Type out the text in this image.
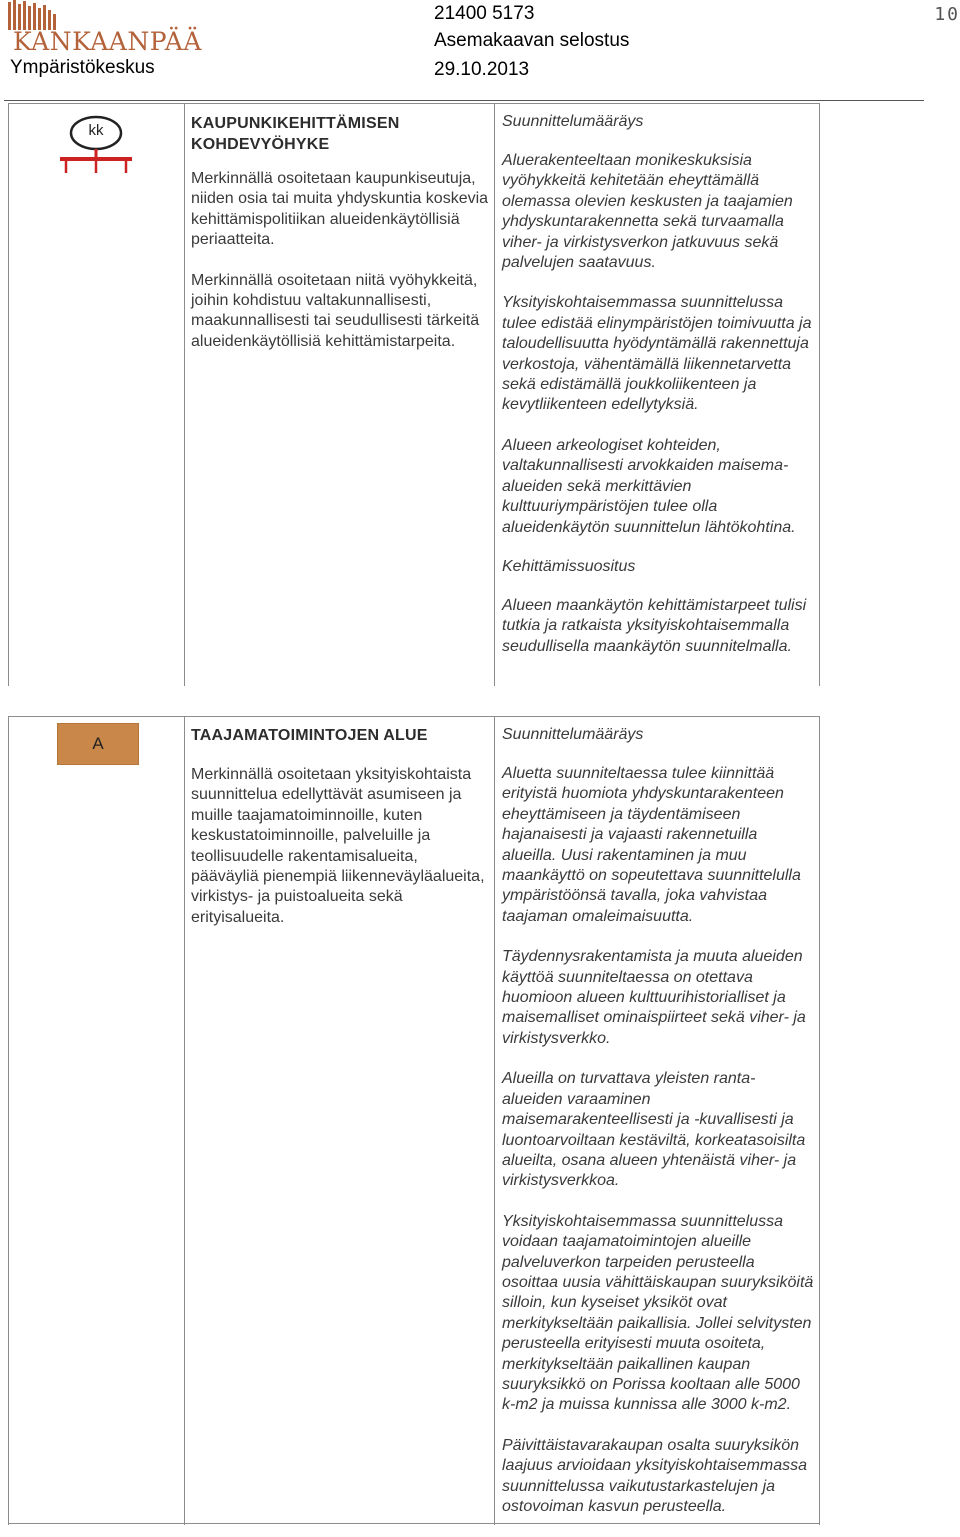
KANKAANPÄÄ
Ympäristökeskus
21400 5173
Asemakaavan selostus
29.10.2013
10
kk	KAUPUNKIKEHITTÄMISEN
KOHDEVYÖHYKE

Merkinnällä osoitetaan kaupunkiseutuja, niiden osia tai muita yhdyskuntia koskevia kehittämispolitiikan alueidenkäytöllisiä periaatteita.

Merkinnällä osoitetaan niitä vyöhykkeitä, joihin kohdistuu valtakunnallisesti, maakunnallisesti tai seudullisesti tärkeitä alueidenkäytöllisiä kehittämistarpeita.

Suunnittelumääräys

Aluerakenteeltaan monikeskuksisia vyöhykkeitä kehitetään eheyttämällä olemassa olevien keskusten ja taajamien yhdyskuntarakennetta sekä turvaamalla viher- ja virkistysverkon jatkuvuus sekä palvelujen saatavuus.

Yksityiskohtaisemmassa suunnittelussa tulee edistää elinympäristöjen toimivuutta ja taloudellisuutta hyödyntämällä rakennettuja verkostoja, vähentämällä liikennetarvetta sekä edistämällä joukkoliikenteen ja kevytliikenteen edellytyksiä.

Alueen arkeologiset kohteiden, valtakunnallisesti arvokkaiden maisema-alueiden sekä merkittävien kulttuuriympäristöjen tulee olla alueidenkäytön suunnittelun lähtökohtina.

Kehittämissuositus

Alueen maankäytön kehittämistarpeet tulisi tutkia ja ratkaista yksityiskohtaisemmalla seudullisella maankäytön suunnitelmalla.

A	TAAJAMATOIMINTOJEN ALUE

Merkinnällä osoitetaan yksityiskohtaista suunnittelua edellyttävät asumiseen ja muille taajamatoiminnoille, kuten keskustatoiminnoille, palveluille ja teollisuudelle rakentamisalueita, pääväyliä pienempiä liikenneväyläalueita, virkistys- ja puistoalueita sekä erityisalueita.

Suunnittelumääräys

Aluetta suunniteltaessa tulee kiinnittää erityistä huomiota yhdyskuntarakenteen eheyttämiseen ja täydentämiseen hajanaisesti ja vajaasti rakennetuilla alueilla. Uusi rakentaminen ja muu maankäyttö on sopeutettava suunnittelulla ympäristöönsä tavalla, joka vahvistaa taajaman omaleimaisuutta.

Täydennysrakentamista ja muuta alueiden käyttöä suunniteltaessa on otettava huomioon alueen kulttuurihistorialliset ja maisemalliset ominaispiirteet sekä viher- ja virkistysverkko.

Alueilla on turvattava yleisten ranta-alueiden varaaminen maisemarakenteellisesti ja -kuvallisesti ja luontoarvoiltaan kestäviltä, korkeatasoisilta alueilta, osana alueen yhtenäistä viher- ja virkistysverkkoa.

Yksityiskohtaisemmassa suunnittelussa voidaan taajamatoimintojen alueille palveluverkon tarpeiden perusteella osoittaa uusia vähittäiskaupan suuryksiköitä silloin, kun kyseiset yksiköt ovat merkitykseltään paikallisia. Jollei selvitysten perusteella erityisesti muuta osoiteta, merkitykseltään paikallinen kaupan suuryksikkö on Porissa kooltaan alle 5000 k-m2 ja muissa kunnissa alle 3000 k-m2.

Päivittäistavarakaupan osalta suuryksikön laajuus arvioidaan yksityiskohtaisemmassa suunnittelussa vaikutustarkastelujen ja ostovoiman kasvun perusteella.
